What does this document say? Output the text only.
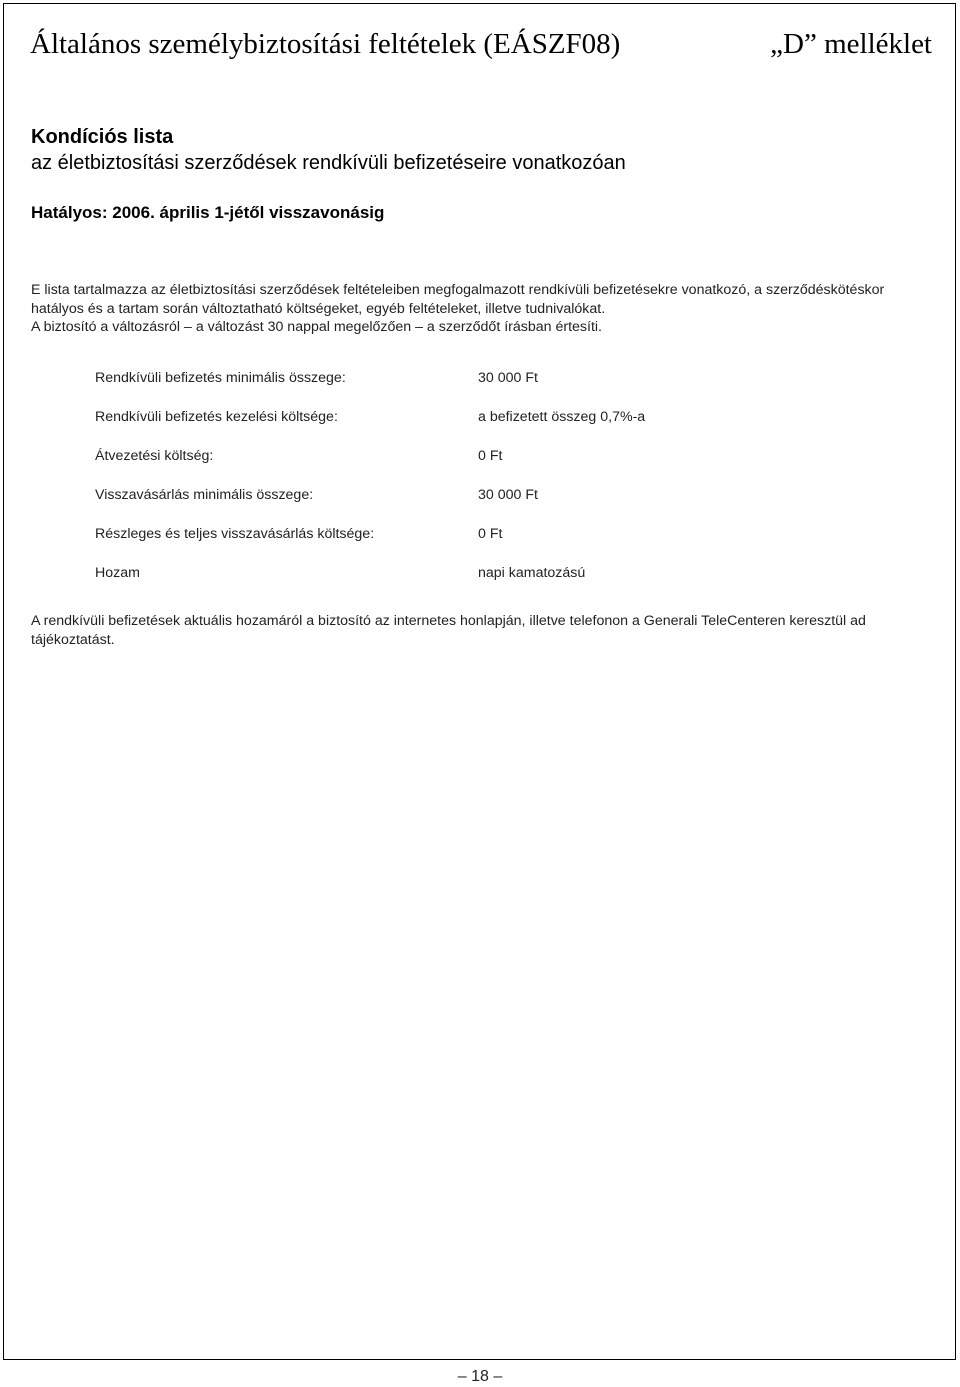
Általános személybiztosítási feltételek (EÁSZF08)	„D” melléklet
Kondíciós lista
az életbiztosítási szerződések rendkívüli befizetéseire vonatkozóan
Hatályos: 2006. április 1-jétől visszavonásig

E lista tartalmazza az életbiztosítási szerződések feltételeiben megfogalmazott rendkívüli befizetésekre vonatkozó, a szerződéskötéskor hatályos és a tartam során változtatható költségeket, egyéb feltételeket, illetve tudnivalókat.

A biztosító a változásról – a változást 30 nappal megelőzően – a szerződőt írásban értesíti.

Rendkívüli befizetés minimális összege:	30 000 Ft
Rendkívüli befizetés kezelési költsége:	a befizetett összeg 0,7%-a
Átvezetési költség:	0 Ft
Visszavásárlás minimális összege:	30 000 Ft
Részleges és teljes visszavásárlás költsége:	0 Ft
Hozam	napi kamatozású
A rendkívüli befizetések aktuális hozamáról a biztosító az internetes honlapján, illetve telefonon a Generali TeleCenteren keresztül ad tájékoztatást.
– 18 –
